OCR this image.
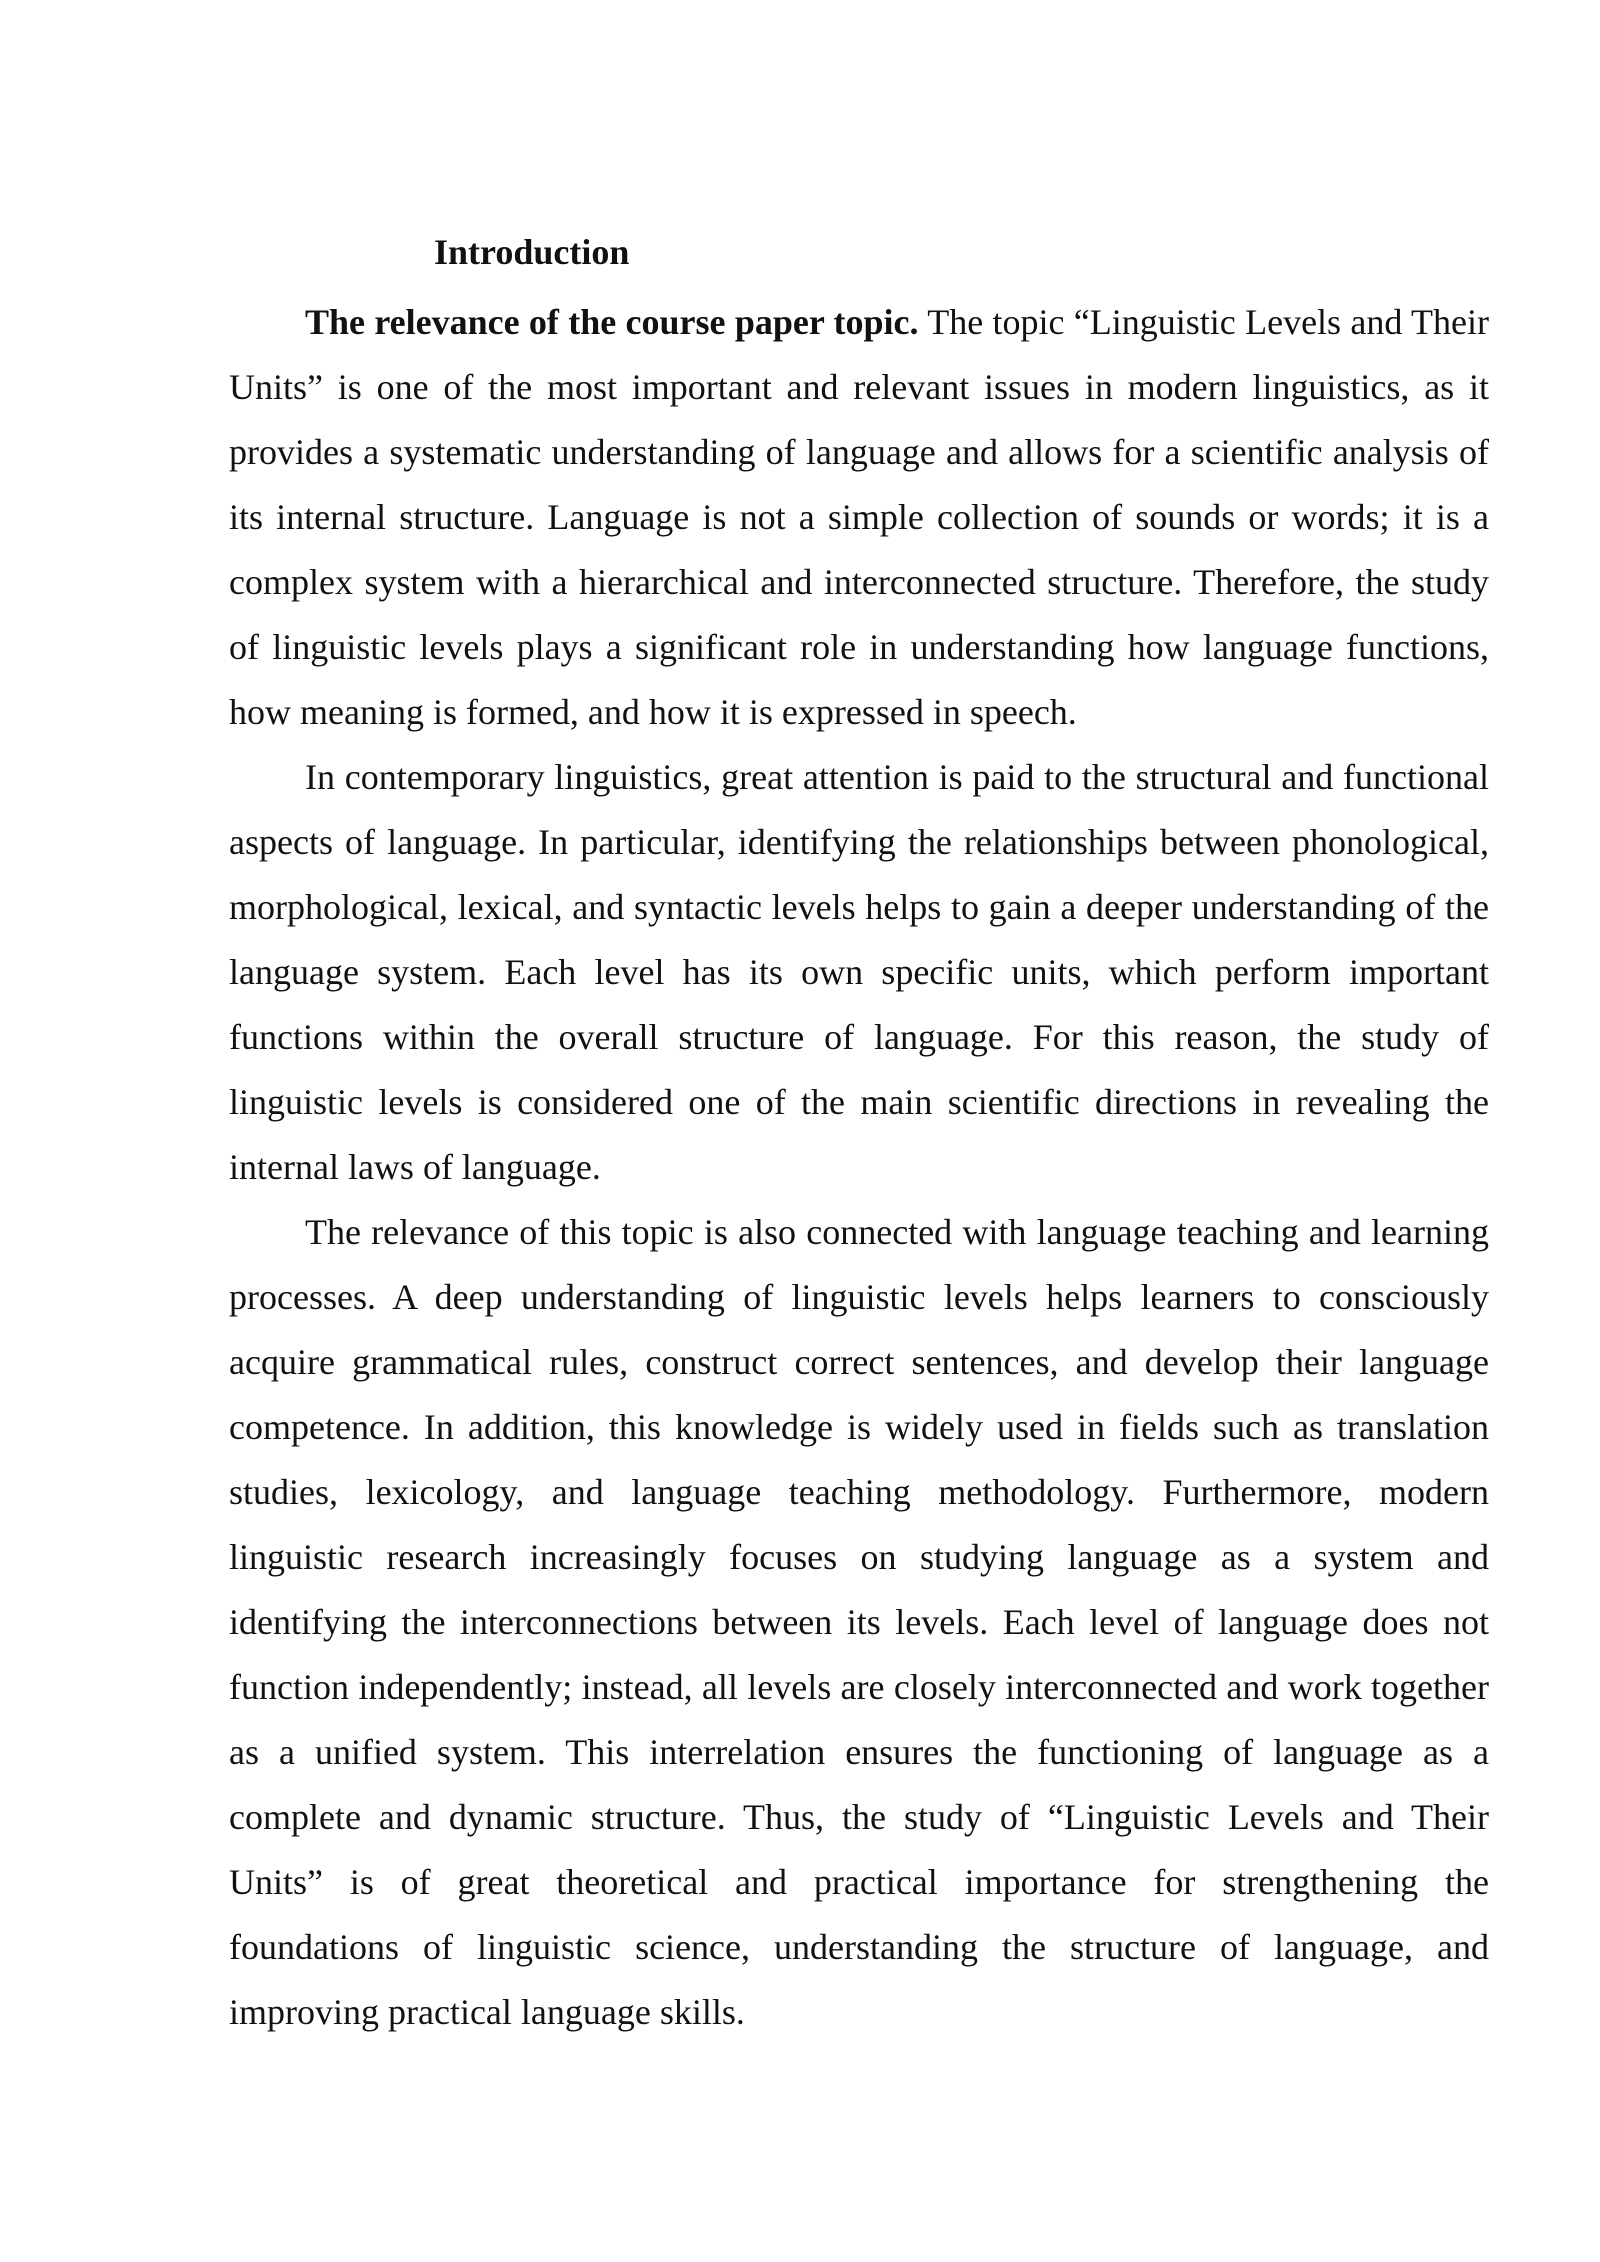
Introduction

The relevance of the course paper topic. The topic “Linguistic Levels and Their Units” is one of the most important and relevant issues in modern linguistics, as it provides a systematic understanding of language and allows for a scientific analysis of its internal structure. Language is not a simple collection of sounds or words; it is a complex system with a hierarchical and interconnected structure. Therefore, the study of linguistic levels plays a significant role in understanding how language functions, how meaning is formed, and how it is expressed in speech.

In contemporary linguistics, great attention is paid to the structural and functional aspects of language. In particular, identifying the relationships between phonological, morphological, lexical, and syntactic levels helps to gain a deeper understanding of the language system. Each level has its own specific units, which perform important functions within the overall structure of language. For this reason, the study of linguistic levels is considered one of the main scientific directions in revealing the internal laws of language.

The relevance of this topic is also connected with language teaching and learning processes. A deep understanding of linguistic levels helps learners to consciously acquire grammatical rules, construct correct sentences, and develop their language competence. In addition, this knowledge is widely used in fields such as translation studies, lexicology, and language teaching methodology. Furthermore, modern linguistic research increasingly focuses on studying language as a system and identifying the interconnections between its levels. Each level of language does not function independently; instead, all levels are closely interconnected and work together as a unified system. This interrelation ensures the functioning of language as a complete and dynamic structure. Thus, the study of “Linguistic Levels and Their Units” is of great theoretical and practical importance for strengthening the foundations of linguistic science, understanding the structure of language, and improving practical language skills.
